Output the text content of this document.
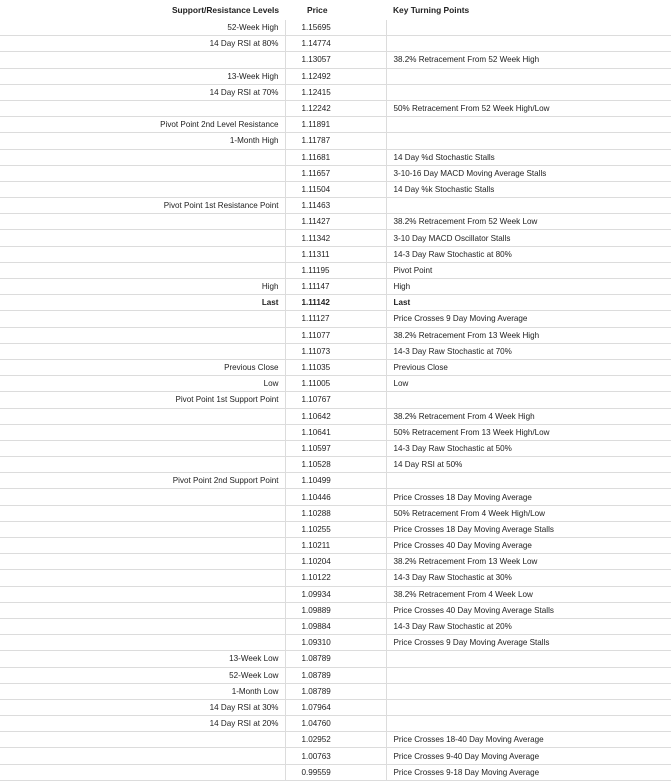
Support/Resistance Levels	Price	Key Turning Points
52-Week High	1.15695	
14 Day RSI at 80%	1.14774	
	1.13057	38.2% Retracement From 52 Week High
13-Week High	1.12492	
14 Day RSI at 70%	1.12415	
	1.12242	50% Retracement From 52 Week High/Low
Pivot Point 2nd Level Resistance	1.11891	
1-Month High	1.11787	
	1.11681	14 Day %d Stochastic Stalls
	1.11657	3-10-16 Day MACD Moving Average Stalls
	1.11504	14 Day %k Stochastic Stalls
Pivot Point 1st Resistance Point	1.11463	
	1.11427	38.2% Retracement From 52 Week Low
	1.11342	3-10 Day MACD Oscillator Stalls
	1.11311	14-3 Day Raw Stochastic at 80%
	1.11195	Pivot Point
High	1.11147	High
Last	1.11142	Last
	1.11127	Price Crosses 9 Day Moving Average
	1.11077	38.2% Retracement From 13 Week High
	1.11073	14-3 Day Raw Stochastic at 70%
Previous Close	1.11035	Previous Close
Low	1.11005	Low
Pivot Point 1st Support Point	1.10767	
	1.10642	38.2% Retracement From 4 Week High
	1.10641	50% Retracement From 13 Week High/Low
	1.10597	14-3 Day Raw Stochastic at 50%
	1.10528	14 Day RSI at 50%
Pivot Point 2nd Support Point	1.10499	
	1.10446	Price Crosses 18 Day Moving Average
	1.10288	50% Retracement From 4 Week High/Low
	1.10255	Price Crosses 18 Day Moving Average Stalls
	1.10211	Price Crosses 40 Day Moving Average
	1.10204	38.2% Retracement From 13 Week Low
	1.10122	14-3 Day Raw Stochastic at 30%
	1.09934	38.2% Retracement From 4 Week Low
	1.09889	Price Crosses 40 Day Moving Average Stalls
	1.09884	14-3 Day Raw Stochastic at 20%
	1.09310	Price Crosses 9 Day Moving Average Stalls
13-Week Low	1.08789	
52-Week Low	1.08789	
1-Month Low	1.08789	
14 Day RSI at 30%	1.07964	
14 Day RSI at 20%	1.04760	
	1.02952	Price Crosses 18-40 Day Moving Average
	1.00763	Price Crosses 9-40 Day Moving Average
	0.99559	Price Crosses 9-18 Day Moving Average
